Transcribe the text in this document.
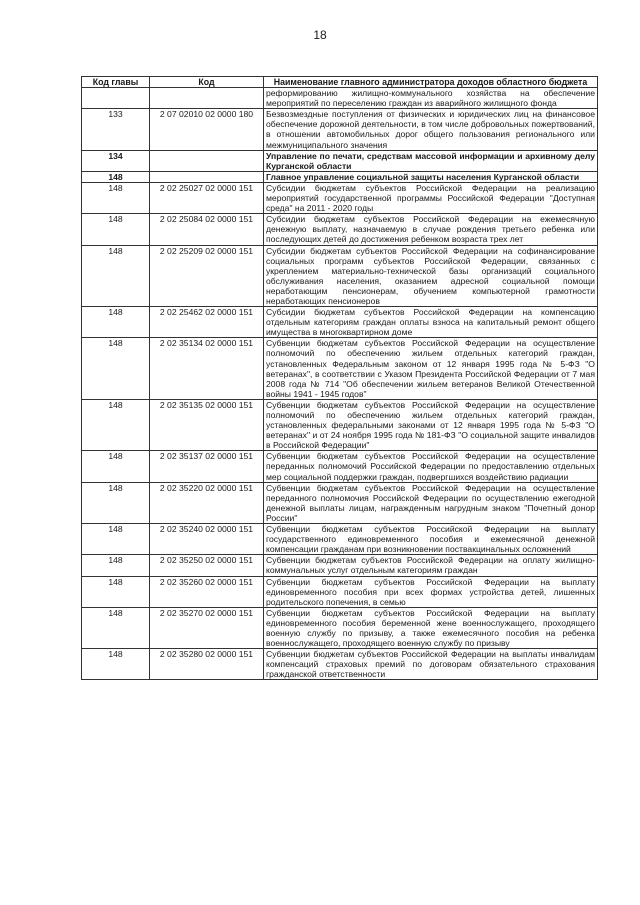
18
Код главы	Код	Наименование главного администратора доходов областного бюджета
		реформированию жилищно-коммунального хозяйства на обеспечение мероприятий по переселению граждан из аварийного жилищного фонда
133	2 07 02010 02 0000 180	Безвозмездные поступления от физических и юридических лиц на финансовое обеспечение дорожной деятельности, в том числе добровольных пожертвований, в отношении автомобильных дорог общего пользования регионального или межмуниципального значения
134		Управление по печати, средствам массовой информации и архивному делу Курганской области
148		Главное управление социальной защиты населения Курганской области
148	2 02 25027 02 0000 151	Субсидии бюджетам субъектов Российской Федерации на реализацию мероприятий государственной программы Российской Федерации "Доступная среда" на 2011 - 2020 годы
148	2 02 25084 02 0000 151	Субсидии бюджетам субъектов Российской Федерации на ежемесячную денежную выплату, назначаемую в случае рождения третьего ребенка или последующих детей до достижения ребенком возраста трех лет
148	2 02 25209 02 0000 151	Субсидии бюджетам субъектов Российской Федерации на софинансирование социальных программ субъектов Российской Федерации, связанных с укреплением материально-технической базы организаций социального обслуживания населения, оказанием адресной социальной помощи неработающим пенсионерам, обучением компьютерной грамотности неработающих пенсионеров
148	2 02 25462 02 0000 151	Субсидии бюджетам субъектов Российской Федерации на компенсацию отдельным категориям граждан оплаты взноса на капитальный ремонт общего имущества в многоквартирном доме
148	2 02 35134 02 0000 151	Субвенции бюджетам субъектов Российской Федерации на осуществление полномочий по обеспечению жильем отдельных категорий граждан, установленных Федеральным законом от 12 января 1995 года № 5-ФЗ "О ветеранах", в соответствии с Указом Президента Российской Федерации от 7 мая 2008 года № 714 "Об обеспечении жильем ветеранов Великой Отечественной войны 1941 - 1945 годов"
148	2 02 35135 02 0000 151	Субвенции бюджетам субъектов Российской Федерации на осуществление полномочий по обеспечению жильем отдельных категорий граждан, установленных федеральными законами от 12 января 1995 года № 5-ФЗ "О ветеранах" и от 24 ноября 1995 года № 181-ФЗ "О социальной защите инвалидов в Российской Федерации"
148	2 02 35137 02 0000 151	Субвенции бюджетам субъектов Российской Федерации на осуществление переданных полномочий Российской Федерации по предоставлению отдельных мер социальной поддержки граждан, подвергшихся воздействию радиации
148	2 02 35220 02 0000 151	Субвенции бюджетам субъектов Российской Федерации на осуществление переданного полномочия Российской Федерации по осуществлению ежегодной денежной выплаты лицам, награжденным нагрудным знаком "Почетный донор России"
148	2 02 35240 02 0000 151	Субвенции бюджетам субъектов Российской Федерации на выплату государственного единовременного пособия и ежемесячной денежной компенсации гражданам при возникновении поствакцинальных осложнений
148	2 02 35250 02 0000 151	Субвенции бюджетам субъектов Российской Федерации на оплату жилищно-коммунальных услуг отдельным категориям граждан
148	2 02 35260 02 0000 151	Субвенции бюджетам субъектов Российской Федерации на выплату единовременного пособия при всех формах устройства детей, лишенных родительского попечения, в семью
148	2 02 35270 02 0000 151	Субвенции бюджетам субъектов Российской Федерации на выплату единовременного пособия беременной жене военнослужащего, проходящего военную службу по призыву, а также ежемесячного пособия на ребенка военнослужащего, проходящего военную службу по призыву
148	2 02 35280 02 0000 151	Субвенции бюджетам субъектов Российской Федерации на выплаты инвалидам компенсаций страховых премий по договорам обязательного страхования гражданской ответственности
